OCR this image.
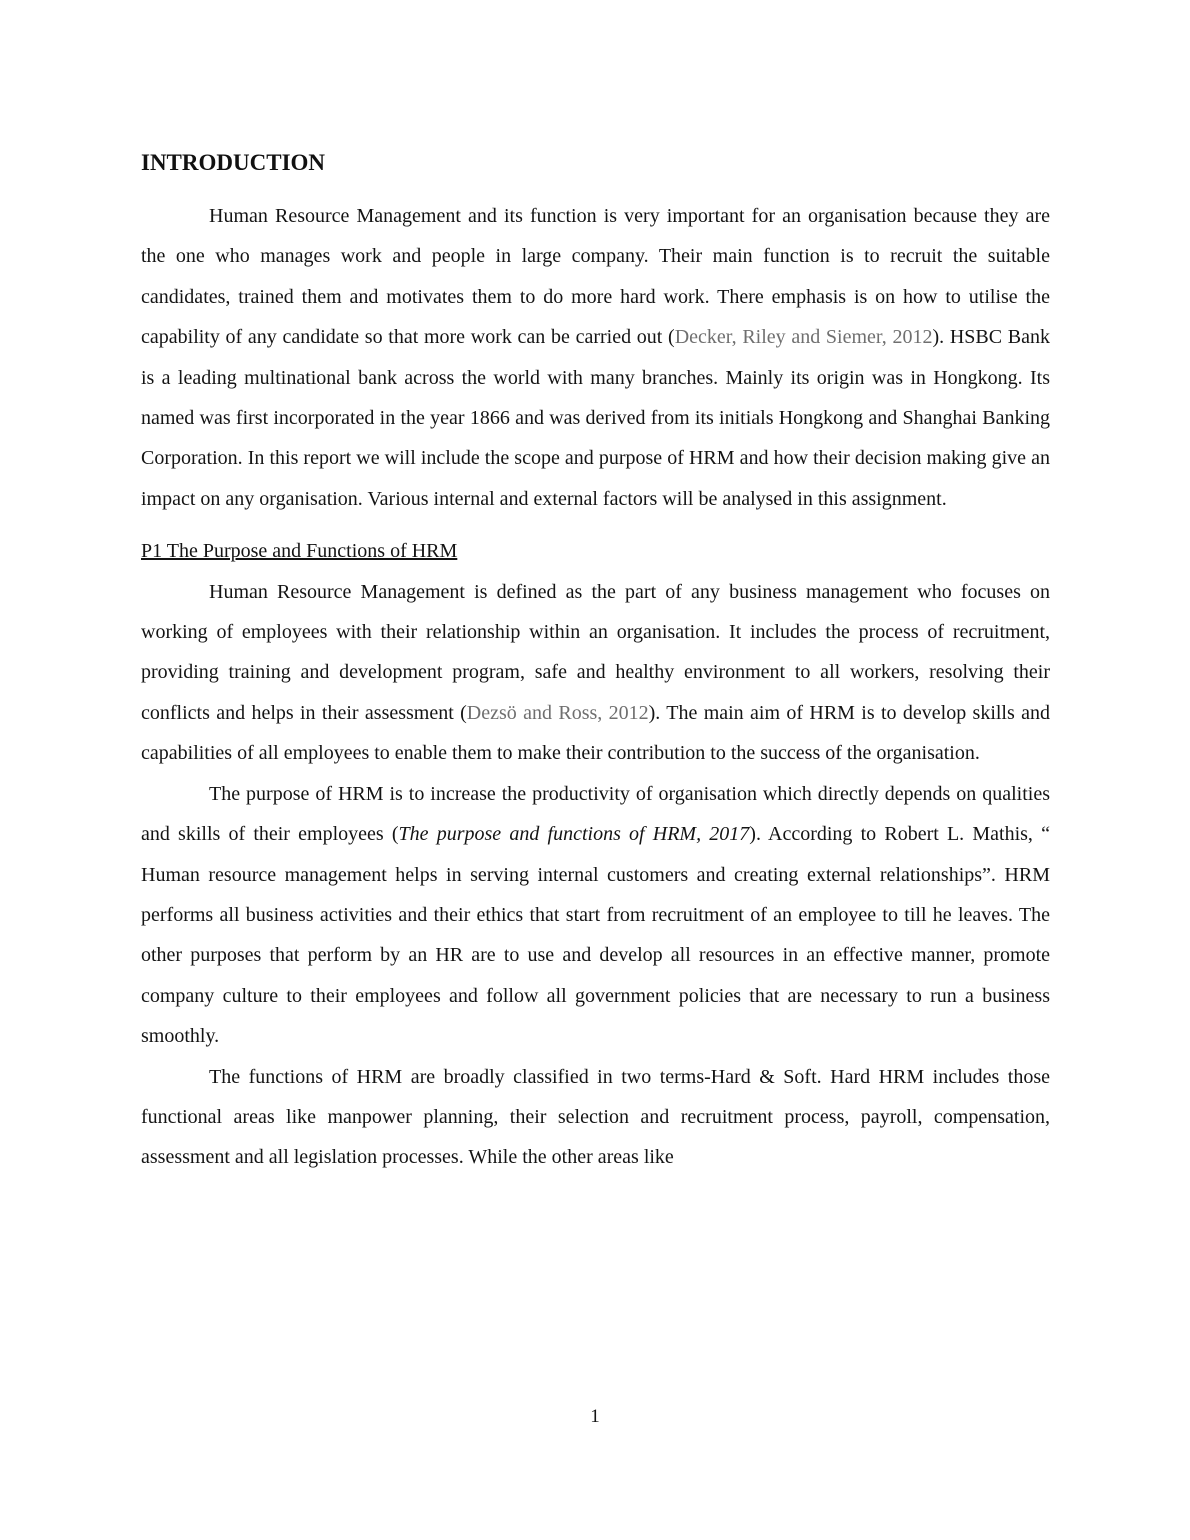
INTRODUCTION

Human Resource Management and its function is very important for an organisation because they are the one who manages work and people in large company. Their main function is to recruit the suitable candidates, trained them and motivates them to do more hard work. There emphasis is on how to utilise the capability of any candidate so that more work can be carried out (Decker, Riley and Siemer, 2012). HSBC Bank is a leading multinational bank across the world with many branches. Mainly its origin was in Hongkong. Its named was first incorporated in the year 1866 and was derived from its initials Hongkong and Shanghai Banking Corporation. In this report we will include the scope and purpose of HRM and how their decision making give an impact on any organisation. Various internal and external factors will be analysed in this assignment.

P1 The Purpose and Functions of HRM

Human Resource Management is defined as the part of any business management who focuses on working of employees with their relationship within an organisation. It includes the process of recruitment, providing training and development program, safe and healthy environment to all workers, resolving their conflicts and helps in their assessment (Dezsö and Ross, 2012). The main aim of HRM is to develop skills and capabilities of all employees to enable them to make their contribution to the success of the organisation.

The purpose of HRM is to increase the productivity of organisation which directly depends on qualities and skills of their employees (The purpose and functions of HRM, 2017). According to Robert L. Mathis, “ Human resource management helps in serving internal customers and creating external relationships”. HRM performs all business activities and their ethics that start from recruitment of an employee to till he leaves. The other purposes that perform by an HR are to use and develop all resources in an effective manner, promote company culture to their employees and follow all government policies that are necessary to run a business smoothly.

The functions of HRM are broadly classified in two terms-Hard & Soft. Hard HRM includes those functional areas like manpower planning, their selection and recruitment process, payroll, compensation, assessment and all legislation processes. While the other areas like

1
